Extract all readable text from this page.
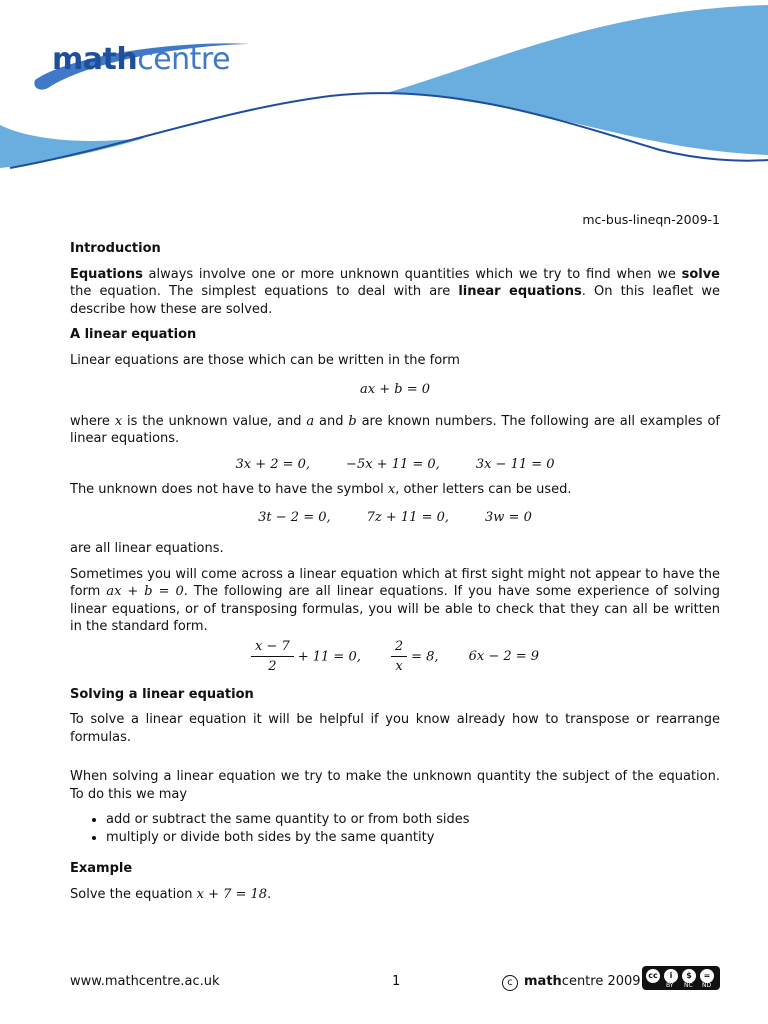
mathcentre
mc-bus-lineqn-2009-1
Introduction

Equations always involve one or more unknown quantities which we try to find when we solve the equation. The simplest equations to deal with are linear equations. On this leaflet we describe how these are solved.

A linear equation

Linear equations are those which can be written in the form

ax + b = 0

where x is the unknown value, and a and b are known numbers. The following are all examples of linear equations.

3x + 2 = 0,	−5x + 11 = 0,	3x − 11 = 0

The unknown does not have to have the symbol x, other letters can be used.

3t − 2 = 0,	7z + 11 = 0,	3w = 0

are all linear equations.

Sometimes you will come across a linear equation which at first sight might not appear to have the form ax + b = 0. The following are all linear equations. If you have some experience of solving linear equations, or of transposing formulas, you will be able to check that they can all be written in the standard form.

$\frac{x - 7}{2} + 11 = 0$, $\frac{2}{x} = 8$, 6x − 2 = 9
Solving a linear equation

To solve a linear equation it will be helpful if you know already how to transpose or rearrange formulas.

When solving a linear equation we try to make the unknown quantity the subject of the equation. To do this we may

• add or subtract the same quantity to or from both sides
• multiply or divide both sides by the same quantity
Example

Solve the equation x + 7 = 18.

www.mathcentre.ac.uk	1	c mathcentre 2009 cc	i	$	=
BY NC ND
